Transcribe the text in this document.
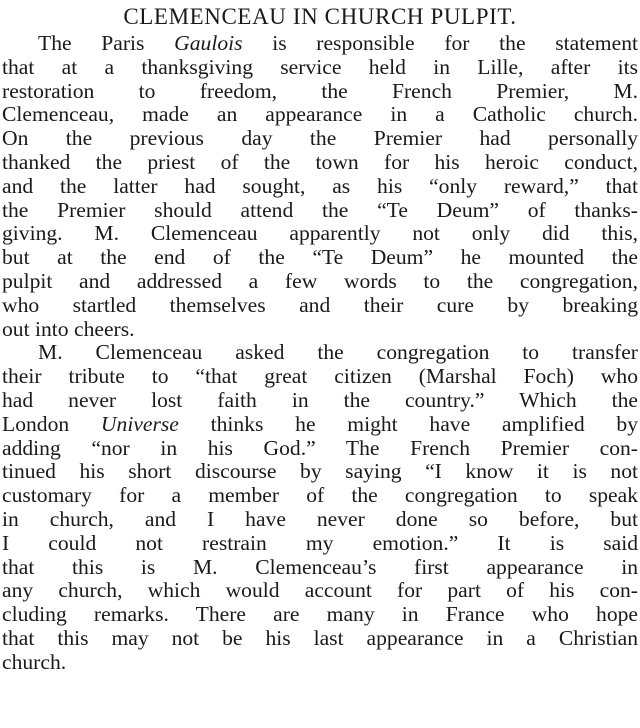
CLEMENCEAU IN CHURCH PULPIT.
The Paris Gaulois is responsible for the statement
that at a thanksgiving service held in Lille, after its
restoration to freedom, the French Premier, M.
Clemenceau, made an appearance in a Catholic church.
On the previous day the Premier had personally
thanked the priest of the town for his heroic conduct,
and the latter had sought, as his “only reward,” that
the Premier should attend the “Te Deum” of thanks-
giving. M. Clemenceau apparently not only did this,
but at the end of the “Te Deum” he mounted the
pulpit and addressed a few words to the congregation,
who startled themselves and their cure by breaking
out into cheers.
M. Clemenceau asked the congregation to transfer
their tribute to “that great citizen (Marshal Foch) who
had never lost faith in the country.” Which the
London Universe thinks he might have amplified by
adding “nor in his God.” The French Premier con-
tinued his short discourse by saying “I know it is not
customary for a member of the congregation to speak
in church, and I have never done so before, but
I could not restrain my emotion.” It is said
that this is M. Clemenceau’s first appearance in
any church, which would account for part of his con-
cluding remarks. There are many in France who hope
that this may not be his last appearance in a Christian
church.
